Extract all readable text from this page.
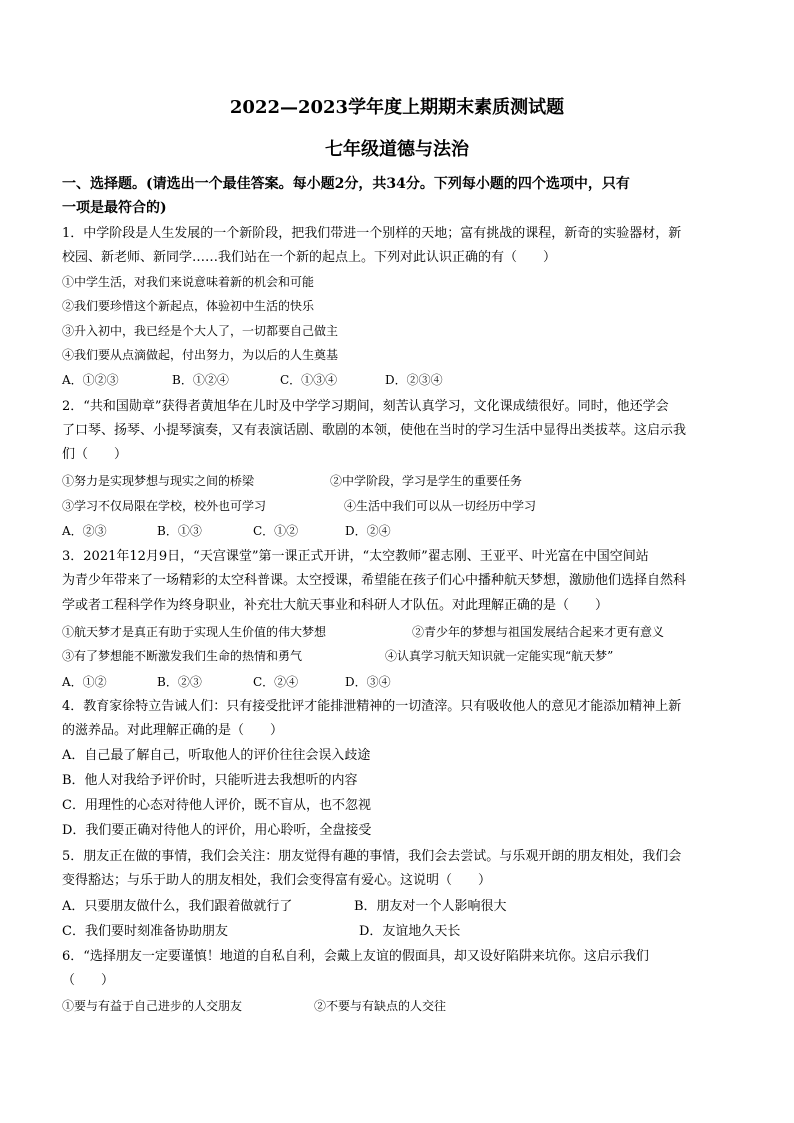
2022—2023学年度上期期末素质测试题
七年级道德与法治
一、选择题。(请选出一个最佳答案。每小题2分，共34分。下列每小题的四个选项中，只有
一项是最符合的)
1．中学阶段是人生发展的一个新阶段，把我们带进一个别样的天地；富有挑战的课程，新奇的实验器材，新
校园、新老师、新同学……我们站在一个新的起点上。下列对此认识正确的有（　　）
①中学生活，对我们来说意味着新的机会和可能
②我们要珍惜这个新起点，体验初中生活的快乐
③升入初中，我已经是个大人了，一切都要自己做主
④我们要从点滴做起，付出努力，为以后的人生奠基
A．①②③	B．①②④	C．①③④	D．②③④
2．“共和国勋章”获得者黄旭华在儿时及中学学习期间，刻苦认真学习，文化课成绩很好。同时，他还学会
了口琴、扬琴、小提琴演奏，又有表演话剧、歌剧的本领，使他在当时的学习生活中显得出类拔萃。这启示我
们（　　）
①努力是实现梦想与现实之间的桥梁	②中学阶段，学习是学生的重要任务
③学习不仅局限在学校，校外也可学习	④生活中我们可以从一切经历中学习
A．②③	B．①③	C．①②	D．②④
3．2021年12月9日，“天宫课堂”第一课正式开讲，“太空教师”翟志刚、王亚平、叶光富在中国空间站
为青少年带来了一场精彩的太空科普课。太空授课，希望能在孩子们心中播种航天梦想，激励他们选择自然科
学或者工程科学作为终身职业，补充壮大航天事业和科研人才队伍。对此理解正确的是（　　）
①航天梦才是真正有助于实现人生价值的伟大梦想	②青少年的梦想与祖国发展结合起来才更有意义
③有了梦想能不断激发我们生命的热情和勇气	④认真学习航天知识就一定能实现“航天梦”
A．①②	B．②③	C．②④	D．③④
4．教育家徐特立告诫人们：只有接受批评才能排泄精神的一切渣滓。只有吸收他人的意见才能添加精神上新
的滋养品。对此理解正确的是（　　）
A．自己最了解自己，听取他人的评价往往会误入歧途
B．他人对我给予评价时，只能听进去我想听的内容
C．用理性的心态对待他人评价，既不盲从，也不忽视
D．我们要正确对待他人的评价，用心聆听，全盘接受
5．朋友正在做的事情，我们会关注：朋友觉得有趣的事情，我们会去尝试。与乐观开朗的朋友相处，我们会
变得豁达；与乐于助人的朋友相处，我们会变得富有爱心。这说明（　　）
A．只要朋友做什么，我们跟着做就行了	B．朋友对一个人影响很大
C．我们要时刻准备协助朋友	D．友谊地久天长
6．“选择朋友一定要谨慎！地道的自私自利，会戴上友谊的假面具，却又设好陷阱来坑你。这启示我们
（　　）
①要与有益于自己进步的人交朋友	②不要与有缺点的人交往
